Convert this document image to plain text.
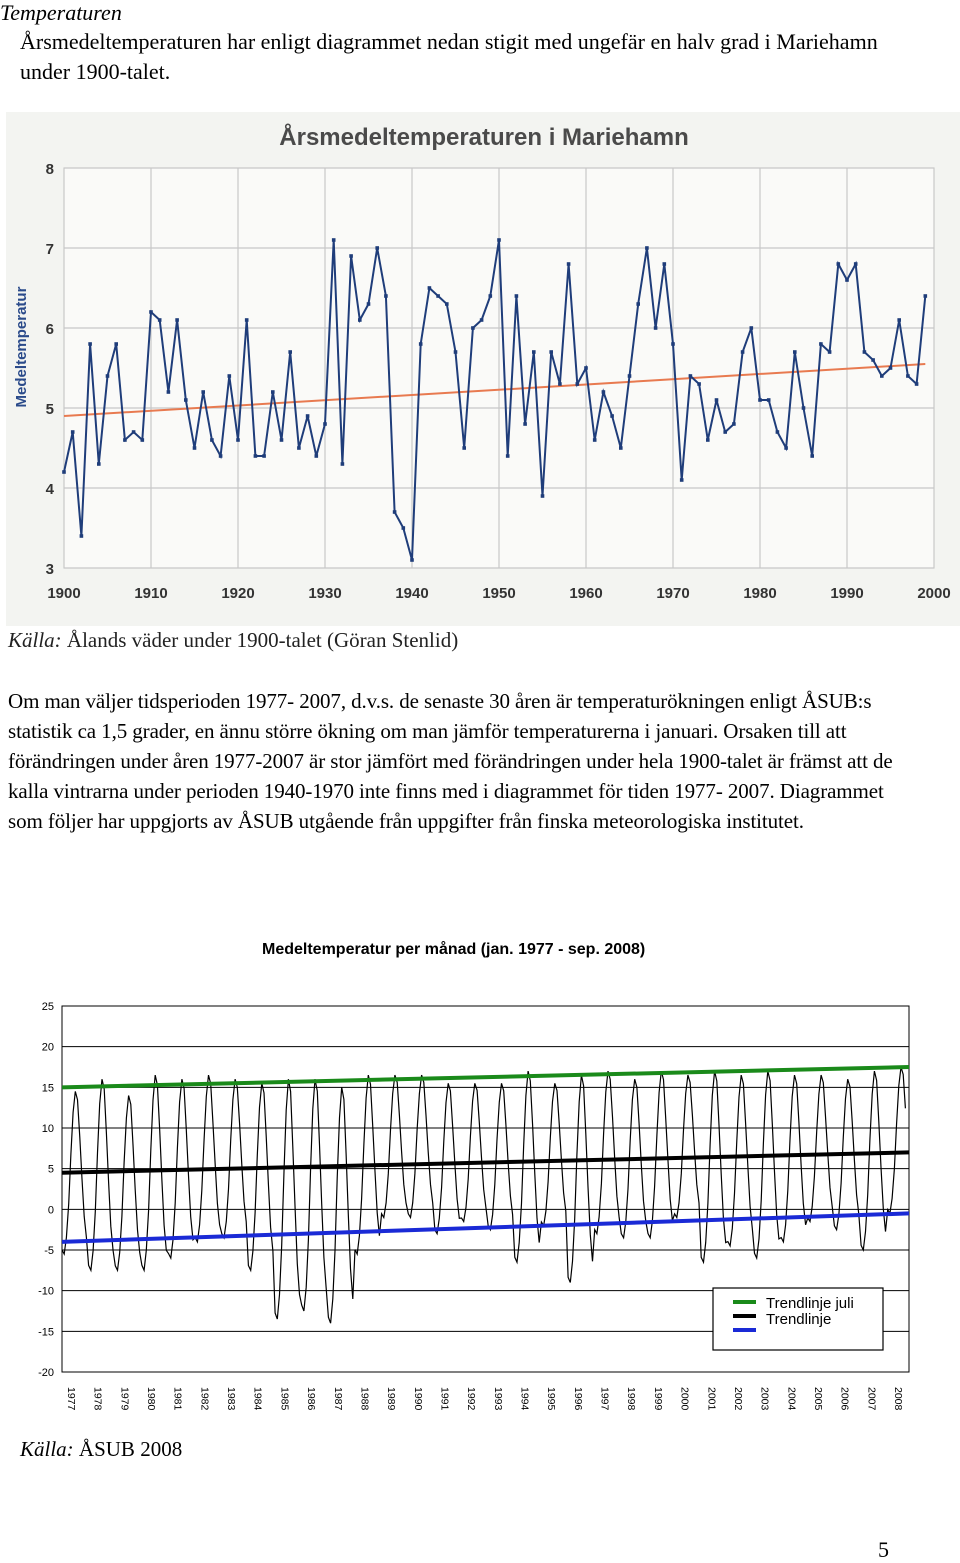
Temperaturen
Årsmedeltemperaturen har enligt diagrammet nedan stigit med ungefär en halv grad i Mariehamn under 1900-talet.
Årsmedeltemperaturen i Mariehamn
3
4
5
6
7
8
1900	1910	1920	1930	1940	1950	1960	1970	1980	1990	2000
Medeltemperatur
Källa: Ålands väder under 1900-talet (Göran Stenlid)
Om man väljer tidsperioden 1977- 2007, d.v.s. de senaste 30 åren är temperaturökningen enligt ÅSUB:s statistik ca 1,5 grader, en ännu större ökning om man jämför temperaturerna i januari. Orsaken till att förändringen under åren 1977-2007 är stor jämfört med förändringen under hela 1900-talet är främst att de kalla vintrarna under perioden 1940-1970 inte finns med i diagrammet för tiden 1977- 2007. Diagrammet som följer har uppgjorts av ÅSUB utgående från uppgifter från finska meteorologiska institutet.
Medeltemperatur per månad (jan. 1977 - sep. 2008)
25
20
15
10
5
0
-5
-10
-15
-20
1977 1978 1979 1980 1981 1982 1983 1984 1985 1986 1987 1988 1989 1990 1991 1992 1993 1994 1995 1996 1997 1998 1999 2000 2001 2002 2003 2004 2005 2006 2007 2008
Trendlinje juli
Trendlinje
Källa: ÅSUB 2008
5
